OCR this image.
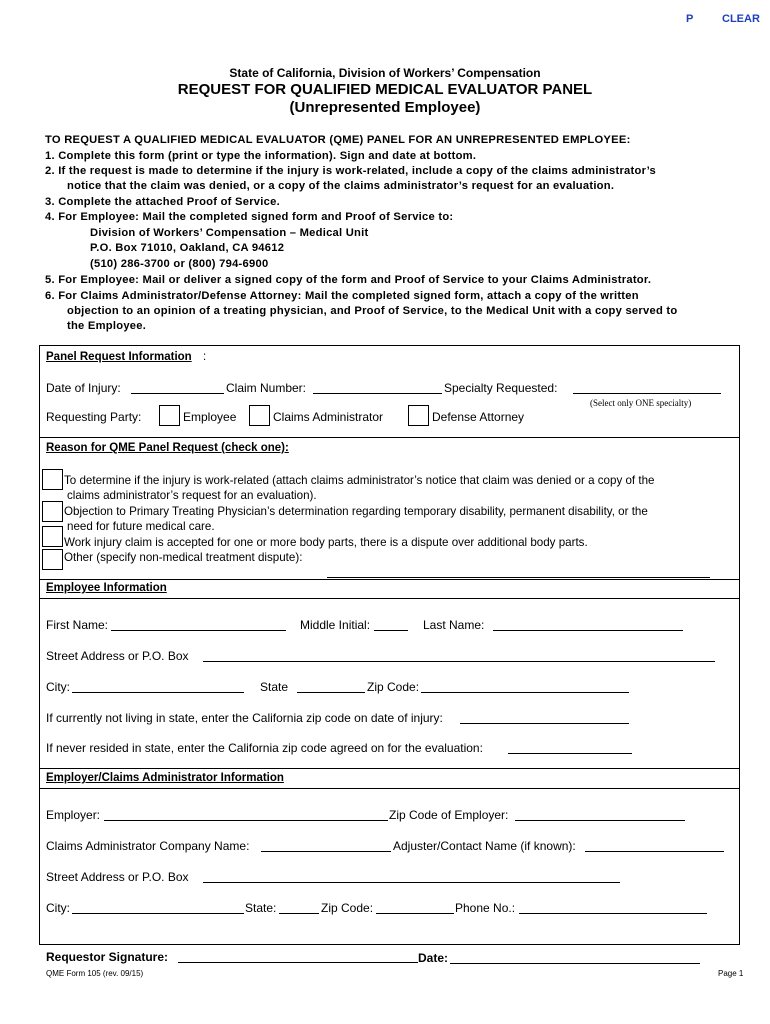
P	CLEAR
State of California, Division of Workers’ Compensation
REQUEST FOR QUALIFIED MEDICAL EVALUATOR PANEL
(Unrepresented Employee)
TO REQUEST A QUALIFIED MEDICAL EVALUATOR (QME) PANEL FOR AN UNREPRESENTED EMPLOYEE:
1. Complete this form (print or type the information). Sign and date at bottom.
2. If the request is made to determine if the injury is work-related, include a copy of the claims administrator’s
notice that the claim was denied, or a copy of the claims administrator’s request for an evaluation.
3. Complete the attached Proof of Service.
4. For Employee: Mail the completed signed form and Proof of Service to:
Division of Workers’ Compensation – Medical Unit
P.O. Box 71010, Oakland, CA 94612
(510) 286-3700 or (800) 794-6900
5. For Employee: Mail or deliver a signed copy of the form and Proof of Service to your Claims Administrator.
6. For Claims Administrator/Defense Attorney: Mail the completed signed form, attach a copy of the written
objection to an opinion of a treating physician, and Proof of Service, to the Medical Unit with a copy served to
the Employee.
Panel Request Information :
Date of Injury:	Claim Number:	Specialty Requested:
(Select only ONE specialty)
Requesting Party:	Employee	Claims Administrator	Defense Attorney
Reason for QME Panel Request (check one):
To determine if the injury is work-related (attach claims administrator’s notice that claim was denied or a copy of the
claims administrator’s request for an evaluation).
Objection to Primary Treating Physician’s determination regarding temporary disability, permanent disability, or the
need for future medical care.
Work injury claim is accepted for one or more body parts, there is a dispute over additional body parts.
Other (specify non-medical treatment dispute):
Employee Information
First Name:	Middle Initial:	Last Name:
Street Address or P.O. Box
City:	State	Zip Code:
If currently not living in state, enter the California zip code on date of injury:
If never resided in state, enter the California zip code agreed on for the evaluation:
Employer/Claims Administrator Information
Employer:	Zip Code of Employer:
Claims Administrator Company Name:	Adjuster/Contact Name (if known):
Street Address or P.O. Box
City:	State:	Zip Code:	Phone No.:
Requestor Signature:	Date:
QME Form 105 (rev. 09/15)	Page 1
